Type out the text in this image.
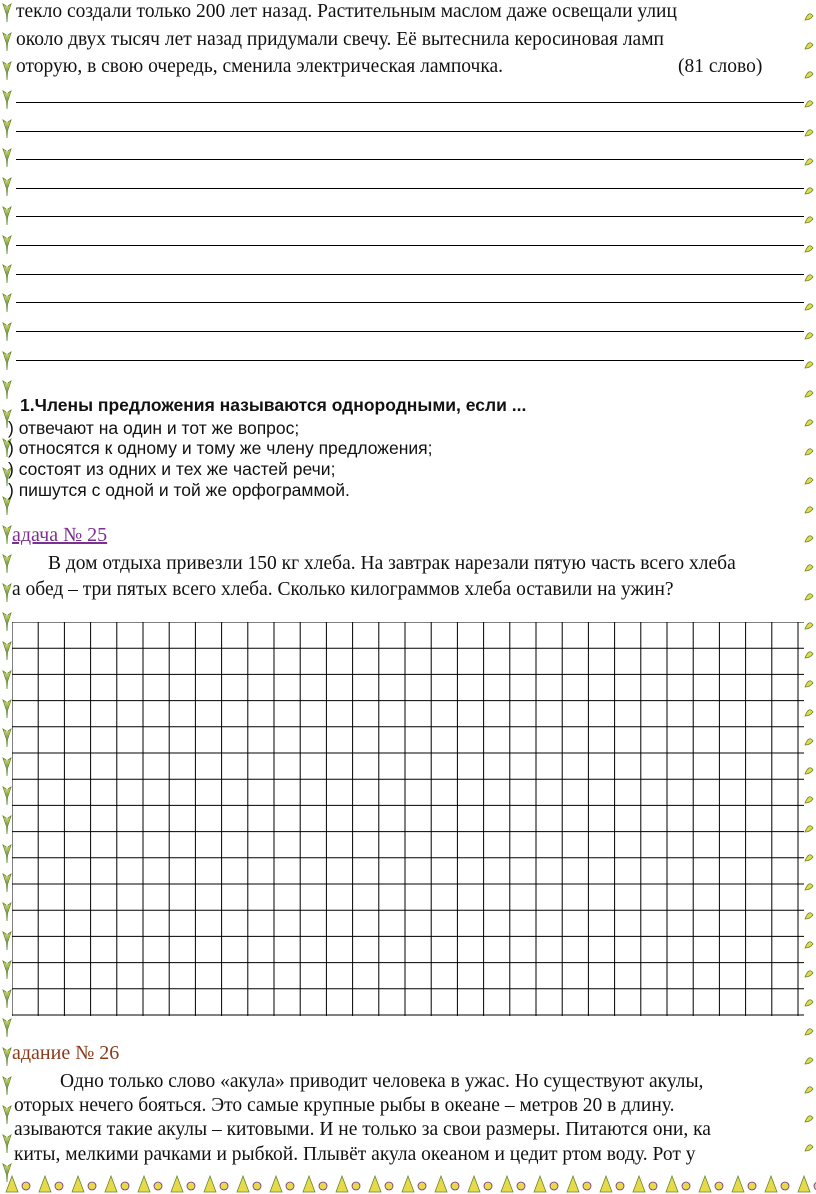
текло создали только 200 лет назад. Растительным маслом даже освещали улиц
около двух тысяч лет назад придумали свечу. Её вытеснила керосиновая ламп
оторую, в свою очередь, сменила электрическая лампочка.	(81 слово)
1.Члены предложения называются однородными, если ...
) отвечают на один и тот же вопрос;
) относятся к одному и тому же члену предложения;
) состоят из одних и тех же частей речи;
) пишутся с одной и той же орфограммой.
адача № 25
В дом отдыха привезли 150 кг хлеба. На завтрак нарезали пятую часть всего хлеба
а обед – три пятых всего хлеба. Сколько килограммов хлеба оставили на ужин?
адание № 26
Одно только слово «акула» приводит человека в ужас. Но существуют акулы,
оторых нечего бояться. Это самые крупные рыбы в океане – метров 20 в длину.
азываются такие акулы – китовыми. И не только за свои размеры. Питаются они, ка
киты, мелкими рачками и рыбкой. Плывёт акула океаном и цедит ртом воду. Рот у
